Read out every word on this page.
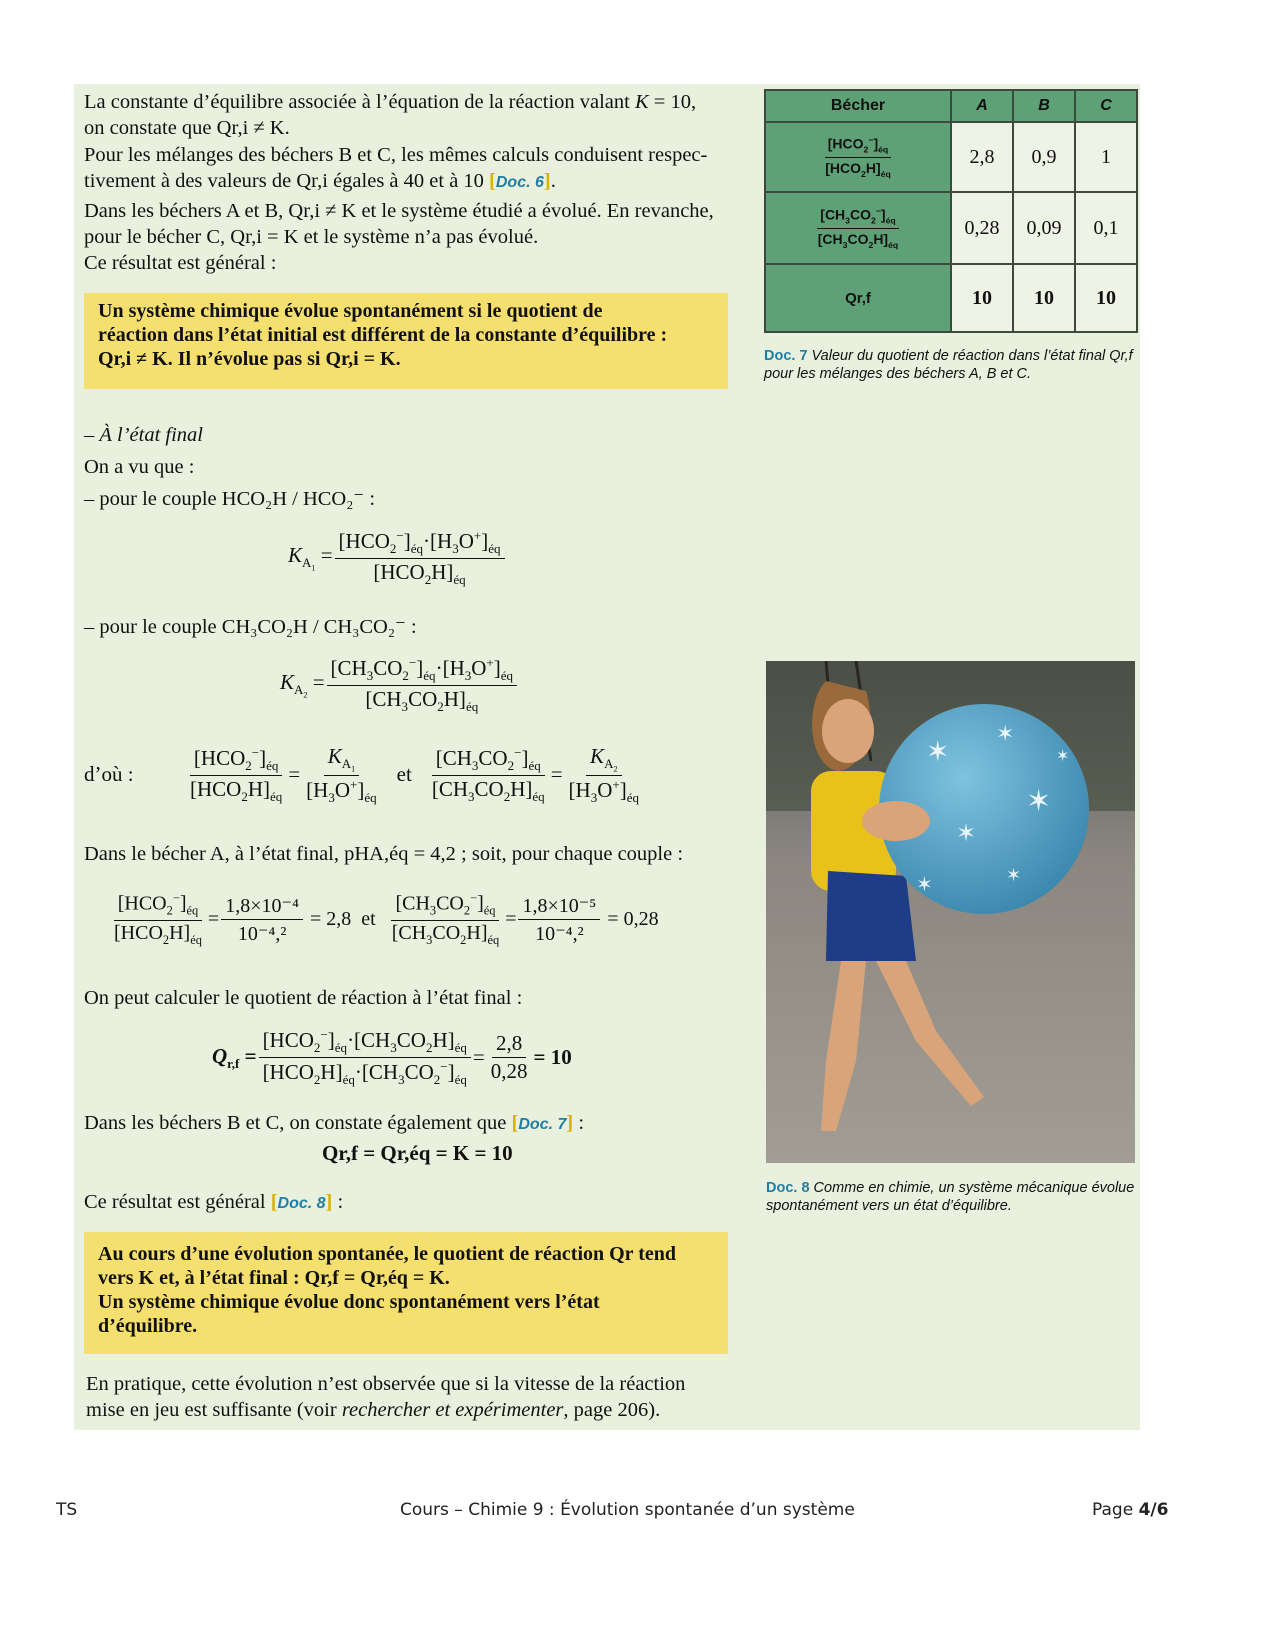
La constante d’équilibre associée à l’équation de la réaction valant K = 10,
on constate que Qr,i ≠ K.
Pour les mélanges des béchers B et C, les mêmes calculs conduisent respec-
tivement à des valeurs de Qr,i égales à 40 et à 10 [Doc. 6].
Dans les béchers A et B, Qr,i ≠ K et le système étudié a évolué. En revanche,
pour le bécher C, Qr,i = K et le système n’a pas évolué.
Ce résultat est général :

Un système chimique évolue spontanément si le quotient de

réaction dans l’état initial est différent de la constante d’équilibre :

Qr,i ≠ K. Il n’évolue pas si Qr,i = K.

– À l’état final
On a vu que :
– pour le couple HCO₂H / HCO₂⁻ :
$K_{A_1} = \frac{[HCO_2^-]_{éq}\cdot[H_3O^+]_{éq}}{[HCO_2H]_{éq}}$
– pour le couple CH₃CO₂H / CH₃CO₂⁻ :
$K_{A_2} = \frac{[CH_3CO_2^-]_{éq}\cdot[H_3O^+]_{éq}}{[CH_3CO_2H]_{éq}}$
d’où :	$\frac{[HCO_2^-]_{éq}}{[HCO_2H]_{éq}} = \frac{K_{A_1}}{[H_3O^+]_{éq}}$ et $\frac{[CH_3CO_2^-]_{éq}}{[CH_3CO_2H]_{éq}} = \frac{K_{A_2}}{[H_3O^+]_{éq}}$
Dans le bécher A, à l’état final, pHA,éq = 4,2 ; soit, pour chaque couple :
$\frac{[HCO_2^-]_{éq}}{[HCO_2H]_{éq}} = \frac{\text{1,8×10⁻⁴}}{\text{10⁻⁴,²}} = 2,8$ et $\frac{[CH_3CO_2^-]_{éq}}{[CH_3CO_2H]_{éq}} = \frac{\text{1,8×10⁻⁵}}{\text{10⁻⁴,²}} = 0,28$
On peut calculer le quotient de réaction à l’état final :
$Q_{r,f} = \frac{[HCO_2^-]_{éq}\cdot[CH_3CO_2H]_{éq}}{[HCO_2H]_{éq}\cdot[CH_3CO_2^-]_{éq}} = \frac{2,8}{0,28} = 10$
Dans les béchers B et C, on constate également que [Doc. 7] :
Qr,f = Qr,éq = K = 10
Ce résultat est général [Doc. 8] :

Au cours d’une évolution spontanée, le quotient de réaction Qr tend

vers K et, à l’état final : Qr,f = Qr,éq = K.

Un système chimique évolue donc spontanément vers l’état

d’équilibre.

En pratique, cette évolution n’est observée que si la vitesse de la réaction
mise en jeu est suffisante (voir rechercher et expérimenter, page 206).
Bécher	A	B	C

$\frac{[HCO_2^-]_{éq}}{[HCO_2H]_{éq}}$	2,8	0,9	1

$\frac{[CH_3CO_2^-]_{éq}}{[CH_3CO_2H]_{éq}}$	0,28	0,09	0,1
Qr,f	10	10	10
Doc. 7 Valeur du quotient de réaction dans l’état final Qr,f pour les mélanges des béchers A, B et C.
✶
✶
✶
✶
✶	✶
✶
Doc. 8 Comme en chimie, un système mécanique évolue spontanément vers un état d’équilibre.
TS	Cours – Chimie 9 : Évolution spontanée d’un système	Page 4/6
